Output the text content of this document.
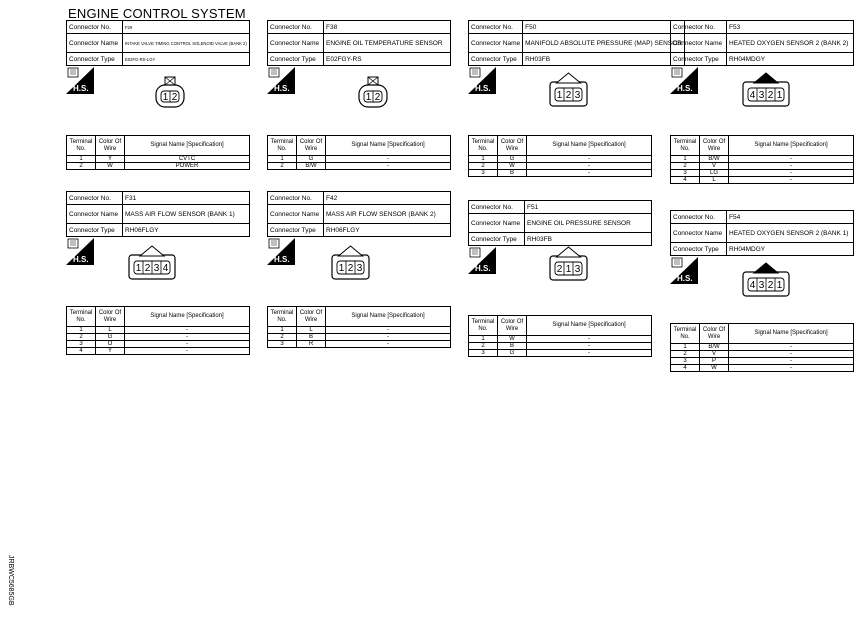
ENGINE CONTROL SYSTEM
JRBWC5685GB
Connector No.	F29
Connector Name	INTAKE VALVE TIMING CONTROL SOLENOID VALVE (BANK 2)
Connector Type	E02FG-RS-LGY
H.S.
1 2
Terminal No.	Color Of Wire	Signal Name [Specification]
1	Y	CVTC
2	W	POWER
Connector No.	F38
Connector Name	ENGINE OIL TEMPERATURE SENSOR
Connector Type	E02FGY-RS
H.S.
1 2
Terminal No.	Color Of Wire	Signal Name [Specification]
1	G	-
2	B/W	-
Connector No.	F50
Connector Name	MANIFOLD ABSOLUTE PRESSURE (MAP) SENSOR
Connector Type	RH03FB
H.S.
1 2 3
Terminal No.	Color Of Wire	Signal Name [Specification]
1	G	-
2	W	-
3	B	-
Connector No.	F53
Connector Name	HEATED OXYGEN SENSOR 2 (BANK 2)
Connector Type	RH04MDGY
H.S.
4 3 2 1
Terminal No.	Color Of Wire	Signal Name [Specification]
1	B/W	-
2	V	-
3	LG	-
4	L	-
Connector No.	F31
Connector Name	MASS AIR FLOW SENSOR (BANK 1)
Connector Type	RH06FLGY
H.S.
1 2 3 4
Terminal No.	Color Of Wire	Signal Name [Specification]
1	L	-
2	G	-
3	O	-
4	Y	-
Connector No.	F42
Connector Name	MASS AIR FLOW SENSOR (BANK 2)
Connector Type	RH06FLGY
H.S.
1 2 3
Terminal No.	Color Of Wire	Signal Name [Specification]
1	L	-
2	B	-
3	R	-
Connector No.	F51
Connector Name	ENGINE OIL PRESSURE SENSOR
Connector Type	RH03FB
H.S.	2 1 3
Terminal No.	Color Of Wire	Signal Name [Specification]
1	W	-
2	B	-
3	G	-
Connector No.	F54
Connector Name	HEATED OXYGEN SENSOR 2 (BANK 1)
Connector Type	RH04MDGY
H.S.
4 3 2 1
Terminal No.	Color Of Wire	Signal Name [Specification]
1	B/W	-
2	V	-
3	P	-
4	W	-
